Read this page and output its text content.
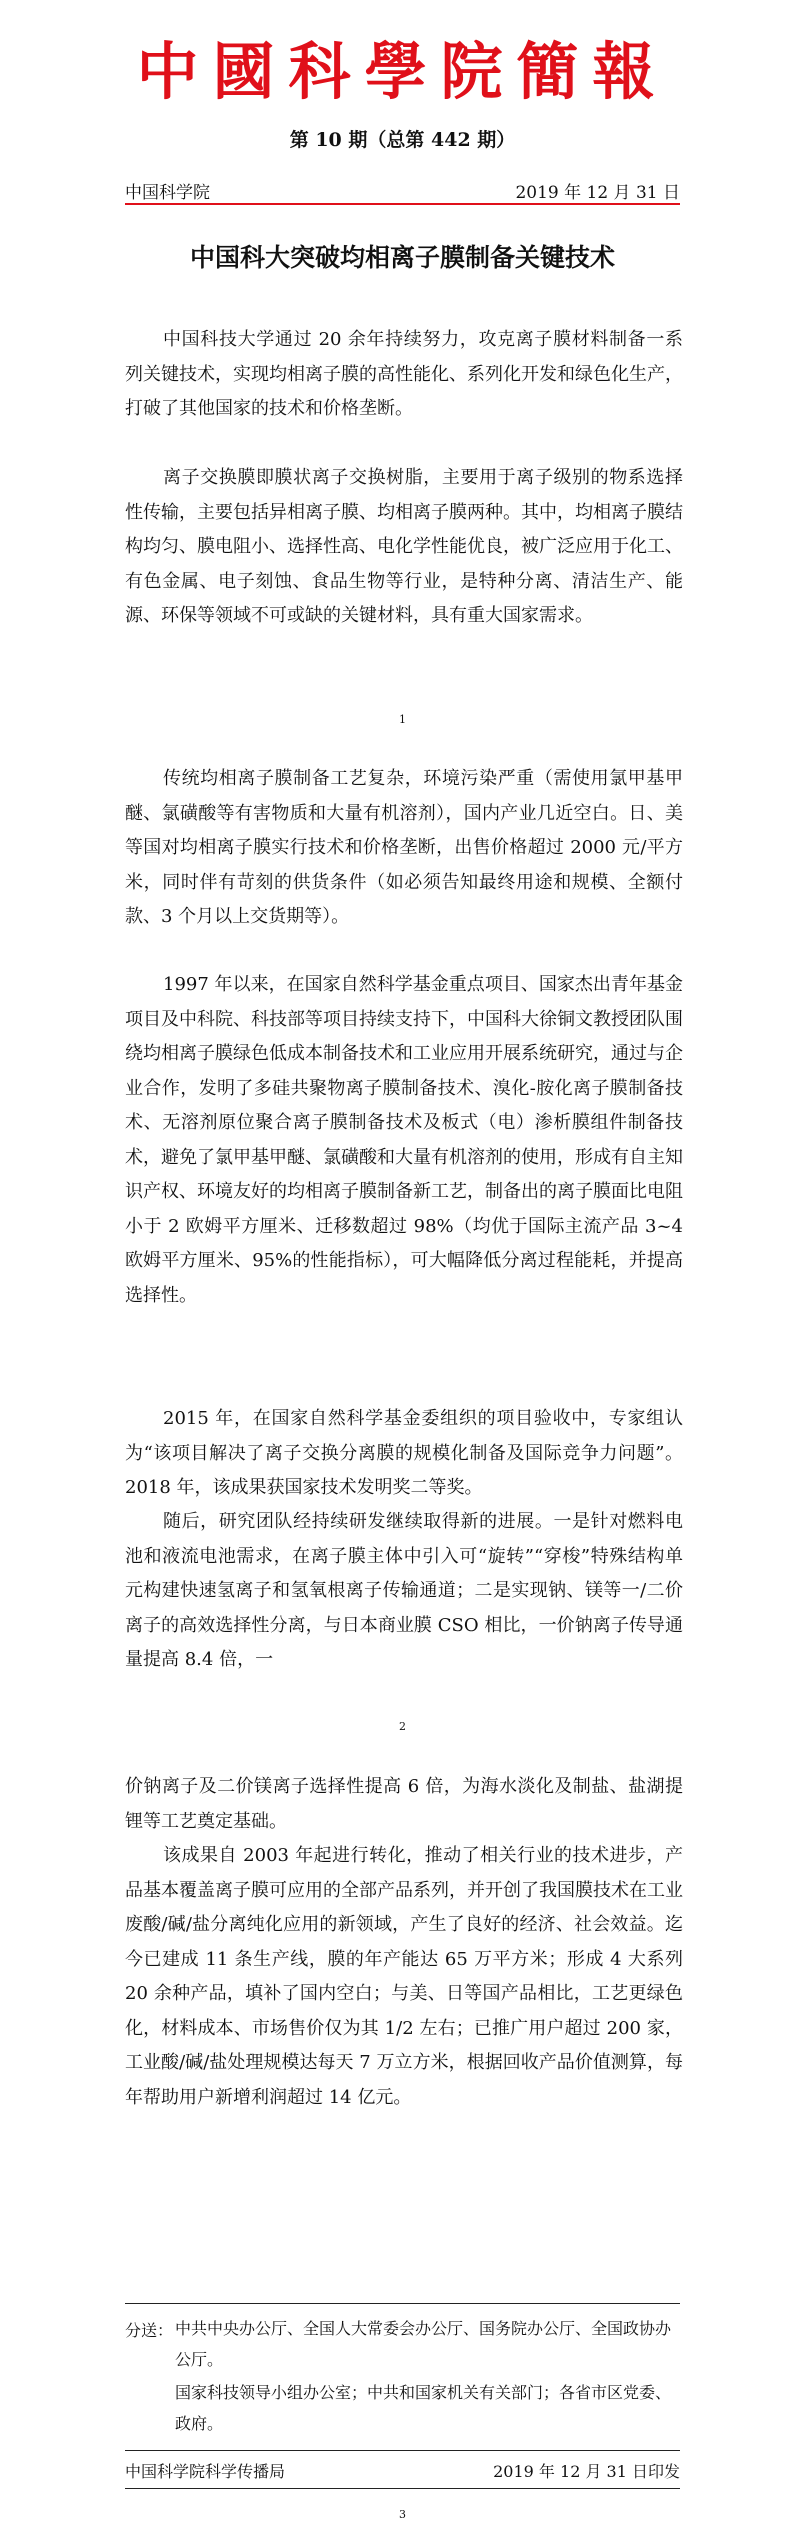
中國科學院簡報
第 10 期（总第 442 期）
中国科学院	2019 年 12 月 31 日
中国科大突破均相离子膜制备关键技术

中国科技大学通过 20 余年持续努力，攻克离子膜材料制备一系列关键技术，实现均相离子膜的高性能化、系列化开发和绿色化生产，打破了其他国家的技术和价格垄断。

离子交换膜即膜状离子交换树脂，主要用于离子级别的物系选择性传输，主要包括异相离子膜、均相离子膜两种。其中，均相离子膜结构均匀、膜电阻小、选择性高、电化学性能优良，被广泛应用于化工、有色金属、电子刻蚀、食品生物等行业，是特种分离、清洁生产、能源、环保等领域不可或缺的关键材料，具有重大国家需求。

1

传统均相离子膜制备工艺复杂，环境污染严重（需使用氯甲基甲醚、氯磺酸等有害物质和大量有机溶剂），国内产业几近空白。日、美等国对均相离子膜实行技术和价格垄断，出售价格超过 2000 元/平方米，同时伴有苛刻的供货条件（如必须告知最终用途和规模、全额付款、3 个月以上交货期等）。

1997 年以来，在国家自然科学基金重点项目、国家杰出青年基金项目及中科院、科技部等项目持续支持下，中国科大徐铜文教授团队围绕均相离子膜绿色低成本制备技术和工业应用开展系统研究，通过与企业合作，发明了多硅共聚物离子膜制备技术、溴化-胺化离子膜制备技术、无溶剂原位聚合离子膜制备技术及板式（电）渗析膜组件制备技术，避免了氯甲基甲醚、氯磺酸和大量有机溶剂的使用，形成有自主知识产权、环境友好的均相离子膜制备新工艺，制备出的离子膜面比电阻小于 2 欧姆平方厘米、迁移数超过 98%（均优于国际主流产品 3~4 欧姆平方厘米、95%的性能指标），可大幅降低分离过程能耗，并提高选择性。

2015 年，在国家自然科学基金委组织的项目验收中，专家组认为“该项目解决了离子交换分离膜的规模化制备及国际竞争力问题”。2018 年，该成果获国家技术发明奖二等奖。

随后，研究团队经持续研发继续取得新的进展。一是针对燃料电池和液流电池需求，在离子膜主体中引入可“旋转”“穿梭”特殊结构单元构建快速氢离子和氢氧根离子传输通道；二是实现钠、镁等一/二价离子的高效选择性分离，与日本商业膜 CSO 相比，一价钠离子传导通量提高 8.4 倍，一

2

价钠离子及二价镁离子选择性提高 6 倍，为海水淡化及制盐、盐湖提锂等工艺奠定基础。

该成果自 2003 年起进行转化，推动了相关行业的技术进步，产品基本覆盖离子膜可应用的全部产品系列，并开创了我国膜技术在工业废酸/碱/盐分离纯化应用的新领域，产生了良好的经济、社会效益。迄今已建成 11 条生产线，膜的年产能达 65 万平方米；形成 4 大系列 20 余种产品，填补了国内空白；与美、日等国产品相比，工艺更绿色化，材料成本、市场售价仅为其 1/2 左右；已推广用户超过 200 家，工业酸/碱/盐处理规模达每天 7 万立方米，根据回收产品价值测算，每年帮助用户新增利润超过 14 亿元。

分送： 中共中央办公厅、全国人大常委会办公厅、国务院办公厅、全国政协办公厅。
国家科技领导小组办公室；中共和国家机关有关部门；各省市区党委、政府。
中国科学院科学传播局	2019 年 12 月 31 日印发
3
